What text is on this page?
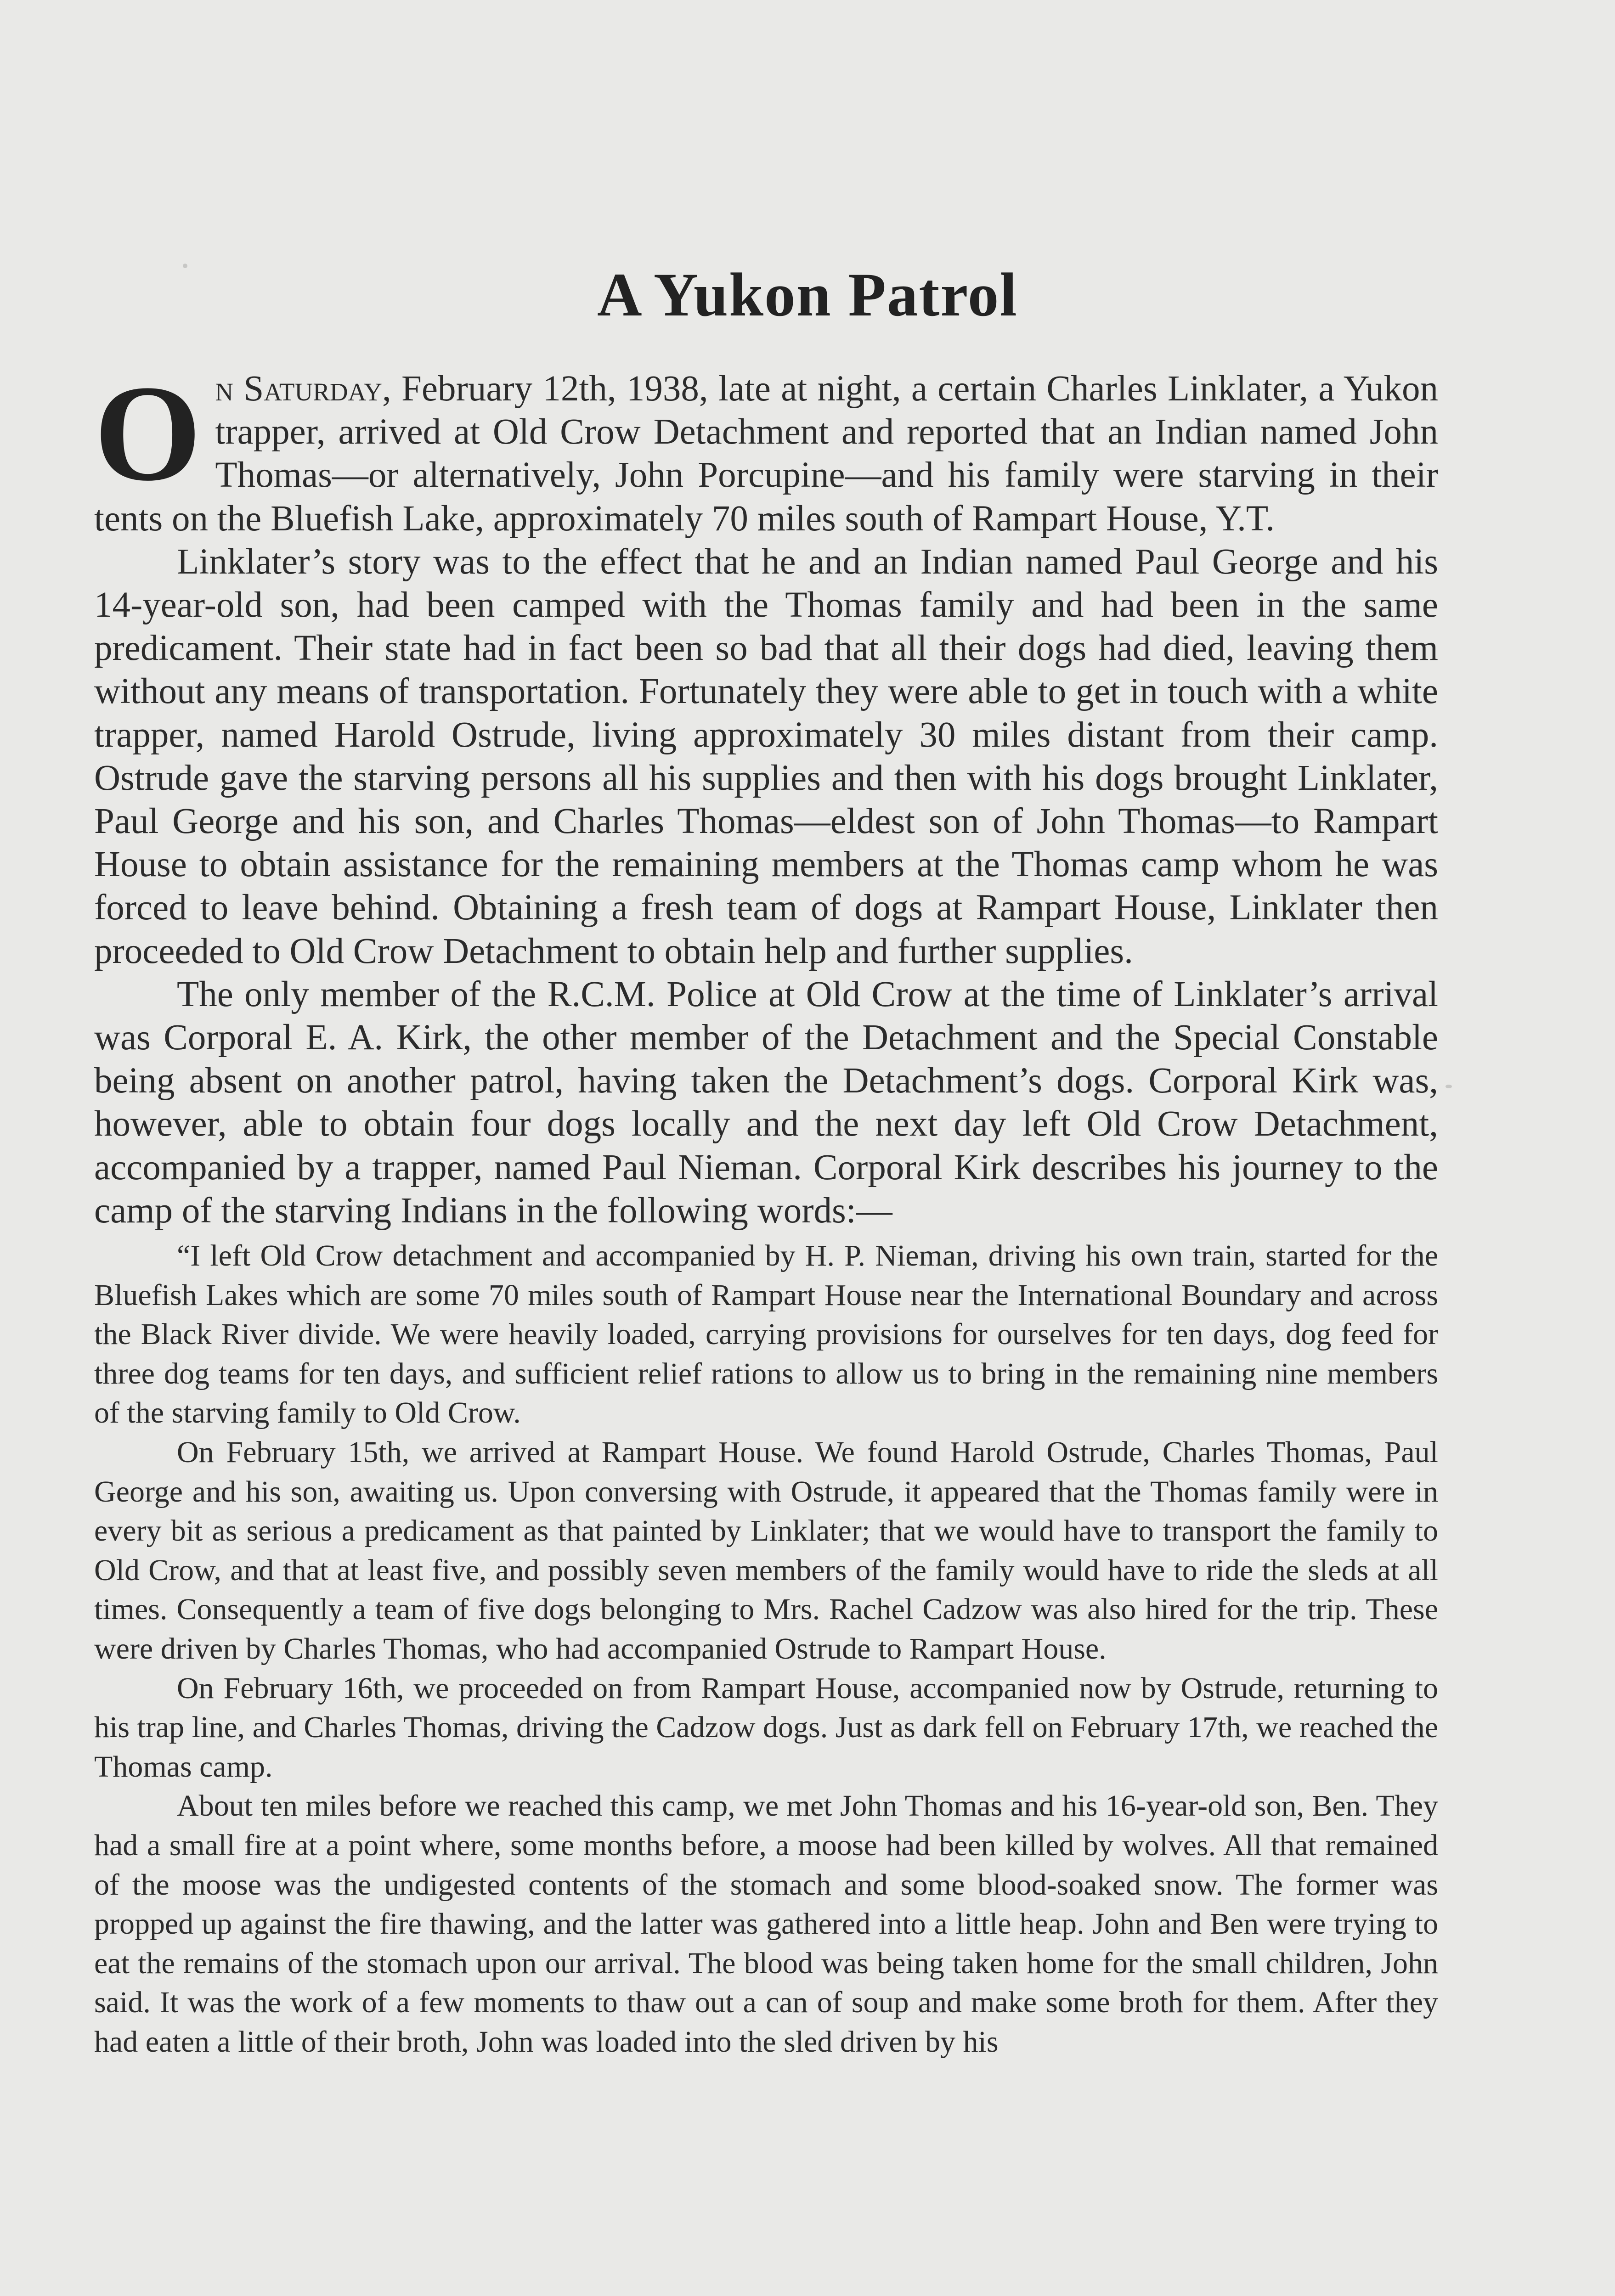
A Yukon Patrol

On Saturday, February 12th, 1938, late at night, a certain Charles Linklater, a Yukon trapper, arrived at Old Crow Detachment and reported that an Indian named John Thomas—or alternatively, John Porcupine—and his family were starving in their tents on the Bluefish Lake, approximately 70 miles south of Rampart House, Y.T.

Linklater’s story was to the effect that he and an Indian named Paul George and his 14-year-old son, had been camped with the Thomas family and had been in the same predicament. Their state had in fact been so bad that all their dogs had died, leaving them without any means of transportation. Fortunately they were able to get in touch with a white trapper, named Harold Ostrude, living approximately 30 miles distant from their camp. Ostrude gave the starving persons all his supplies and then with his dogs brought Linklater, Paul George and his son, and Charles Thomas—eldest son of John Thomas—to Rampart House to obtain assistance for the remaining members at the Thomas camp whom he was forced to leave behind. Obtaining a fresh team of dogs at Rampart House, Linklater then proceeded to Old Crow Detachment to obtain help and further supplies.

The only member of the R.C.M. Police at Old Crow at the time of Linklater’s arrival was Corporal E. A. Kirk, the other member of the Detachment and the Special Constable being absent on another patrol, having taken the Detachment’s dogs. Corporal Kirk was, however, able to obtain four dogs locally and the next day left Old Crow Detachment, accompanied by a trapper, named Paul Nieman. Corporal Kirk describes his journey to the camp of the starving Indians in the following words:—

“I left Old Crow detachment and accompanied by H. P. Nieman, driving his own train, started for the Bluefish Lakes which are some 70 miles south of Rampart House near the International Boundary and across the Black River divide. We were heavily loaded, carrying provisions for ourselves for ten days, dog feed for three dog teams for ten days, and sufficient relief rations to allow us to bring in the remaining nine members of the starving family to Old Crow.

On February 15th, we arrived at Rampart House. We found Harold Ostrude, Charles Thomas, Paul George and his son, awaiting us. Upon conversing with Ostrude, it appeared that the Thomas family were in every bit as serious a predicament as that painted by Linklater; that we would have to transport the family to Old Crow, and that at least five, and possibly seven members of the family would have to ride the sleds at all times. Consequently a team of five dogs belonging to Mrs. Rachel Cadzow was also hired for the trip. These were driven by Charles Thomas, who had accompanied Ostrude to Rampart House.

On February 16th, we proceeded on from Rampart House, accompanied now by Ostrude, returning to his trap line, and Charles Thomas, driving the Cadzow dogs. Just as dark fell on February 17th, we reached the Thomas camp.

About ten miles before we reached this camp, we met John Thomas and his 16-year-old son, Ben. They had a small fire at a point where, some months before, a moose had been killed by wolves. All that remained of the moose was the undigested contents of the stomach and some blood-soaked snow. The former was propped up against the fire thawing, and the latter was gathered into a little heap. John and Ben were trying to eat the remains of the stomach upon our arrival. The blood was being taken home for the small children, John said. It was the work of a few moments to thaw out a can of soup and make some broth for them. After they had eaten a little of their broth, John was loaded into the sled driven by his
